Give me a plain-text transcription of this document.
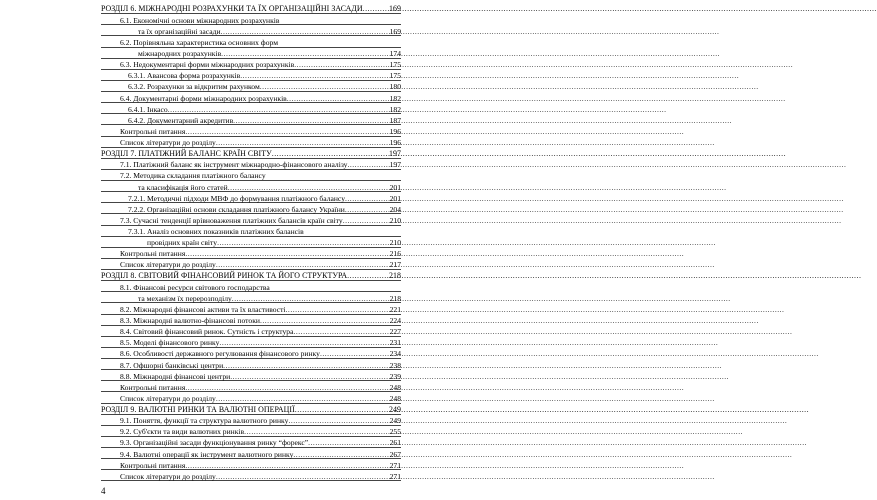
РОЗДІЛ 6. МІЖНАРОДНІ РОЗРАХУНКИ ТА ЇХ ОРГАНІЗАЦІЙНІ ЗАСАДИ .....	169
6.1. Економічні основи міжнародних розрахунків
та їх організаційні засади .....	169
6.2. Порівняльна характеристика основних форм
міжнародних розрахунків .....	174
6.3. Недокументарні форми міжнародних розрахунків .....	175
6.3.1. Авансова форма розрахунків .....	175
6.3.2. Розрахунки за відкритим рахунком .....	180
6.4. Документарні форми міжнародних розрахунків .....	182
6.4.1. Інкасо .....	182
6.4.2. Документарний акредитив .....	187
Контрольні питання .....	196
Список літератури до розділу .....	196
РОЗДІЛ 7. ПЛАТІЖНИЙ БАЛАНС КРАЇН СВІТУ .....	197
7.1. Платіжний баланс як інструмент міжнародно-фінансового аналізу .....	197
7.2. Методика складання платіжного балансу
та класифікація його статей .....	201
7.2.1. Методичні підходи МВФ до формування платіжного балансу .....	201
7.2.2. Організаційні основи складання платіжного балансу України .....	204
7.3. Сучасні тенденції врівноваження платіжних балансів країн світу .....	210
7.3.1. Аналіз основних показників платіжних балансів
провідних країн світу .....	210
Контрольні питання .....	216
Список літератури до розділу .....	217
РОЗДІЛ 8. СВІТОВИЙ ФІНАНСОВИЙ РИНОК ТА ЙОГО СТРУКТУРА .....	218
8.1. Фінансові ресурси світового господарства
та механізм їх перерозподілу .....	218
8.2. Міжнародні фінансові активи та їх властивості .....	221
8.3. Міжнародні валютно-фінансові потоки .....	224
8.4. Світовий фінансовий ринок. Сутність і структура .....	227
8.5. Моделі фінансового ринку .....	231
8.6. Особливості державного регулювання фінансового ринку .....	234
8.7. Офшорні банківські центри .....	238
8.8. Міжнародні фінансові центри .....	239
Контрольні питання .....	248
Список літератури до розділу .....	248
РОЗДІЛ 9. ВАЛЮТНІ РИНКИ ТА ВАЛЮТНІ ОПЕРАЦІЇ .....	249
9.1. Поняття, функції та структура валютного ринку .....	249
9.2. Суб'єкти та види валютних ринків .....	255
9.3. Організаційні засади функціонування ринку “форекс” .....	261
9.4. Валютні операції як інструмент валютного ринку .....	267
Контрольні питання .....	271
Список літератури до розділу .....	271
4
